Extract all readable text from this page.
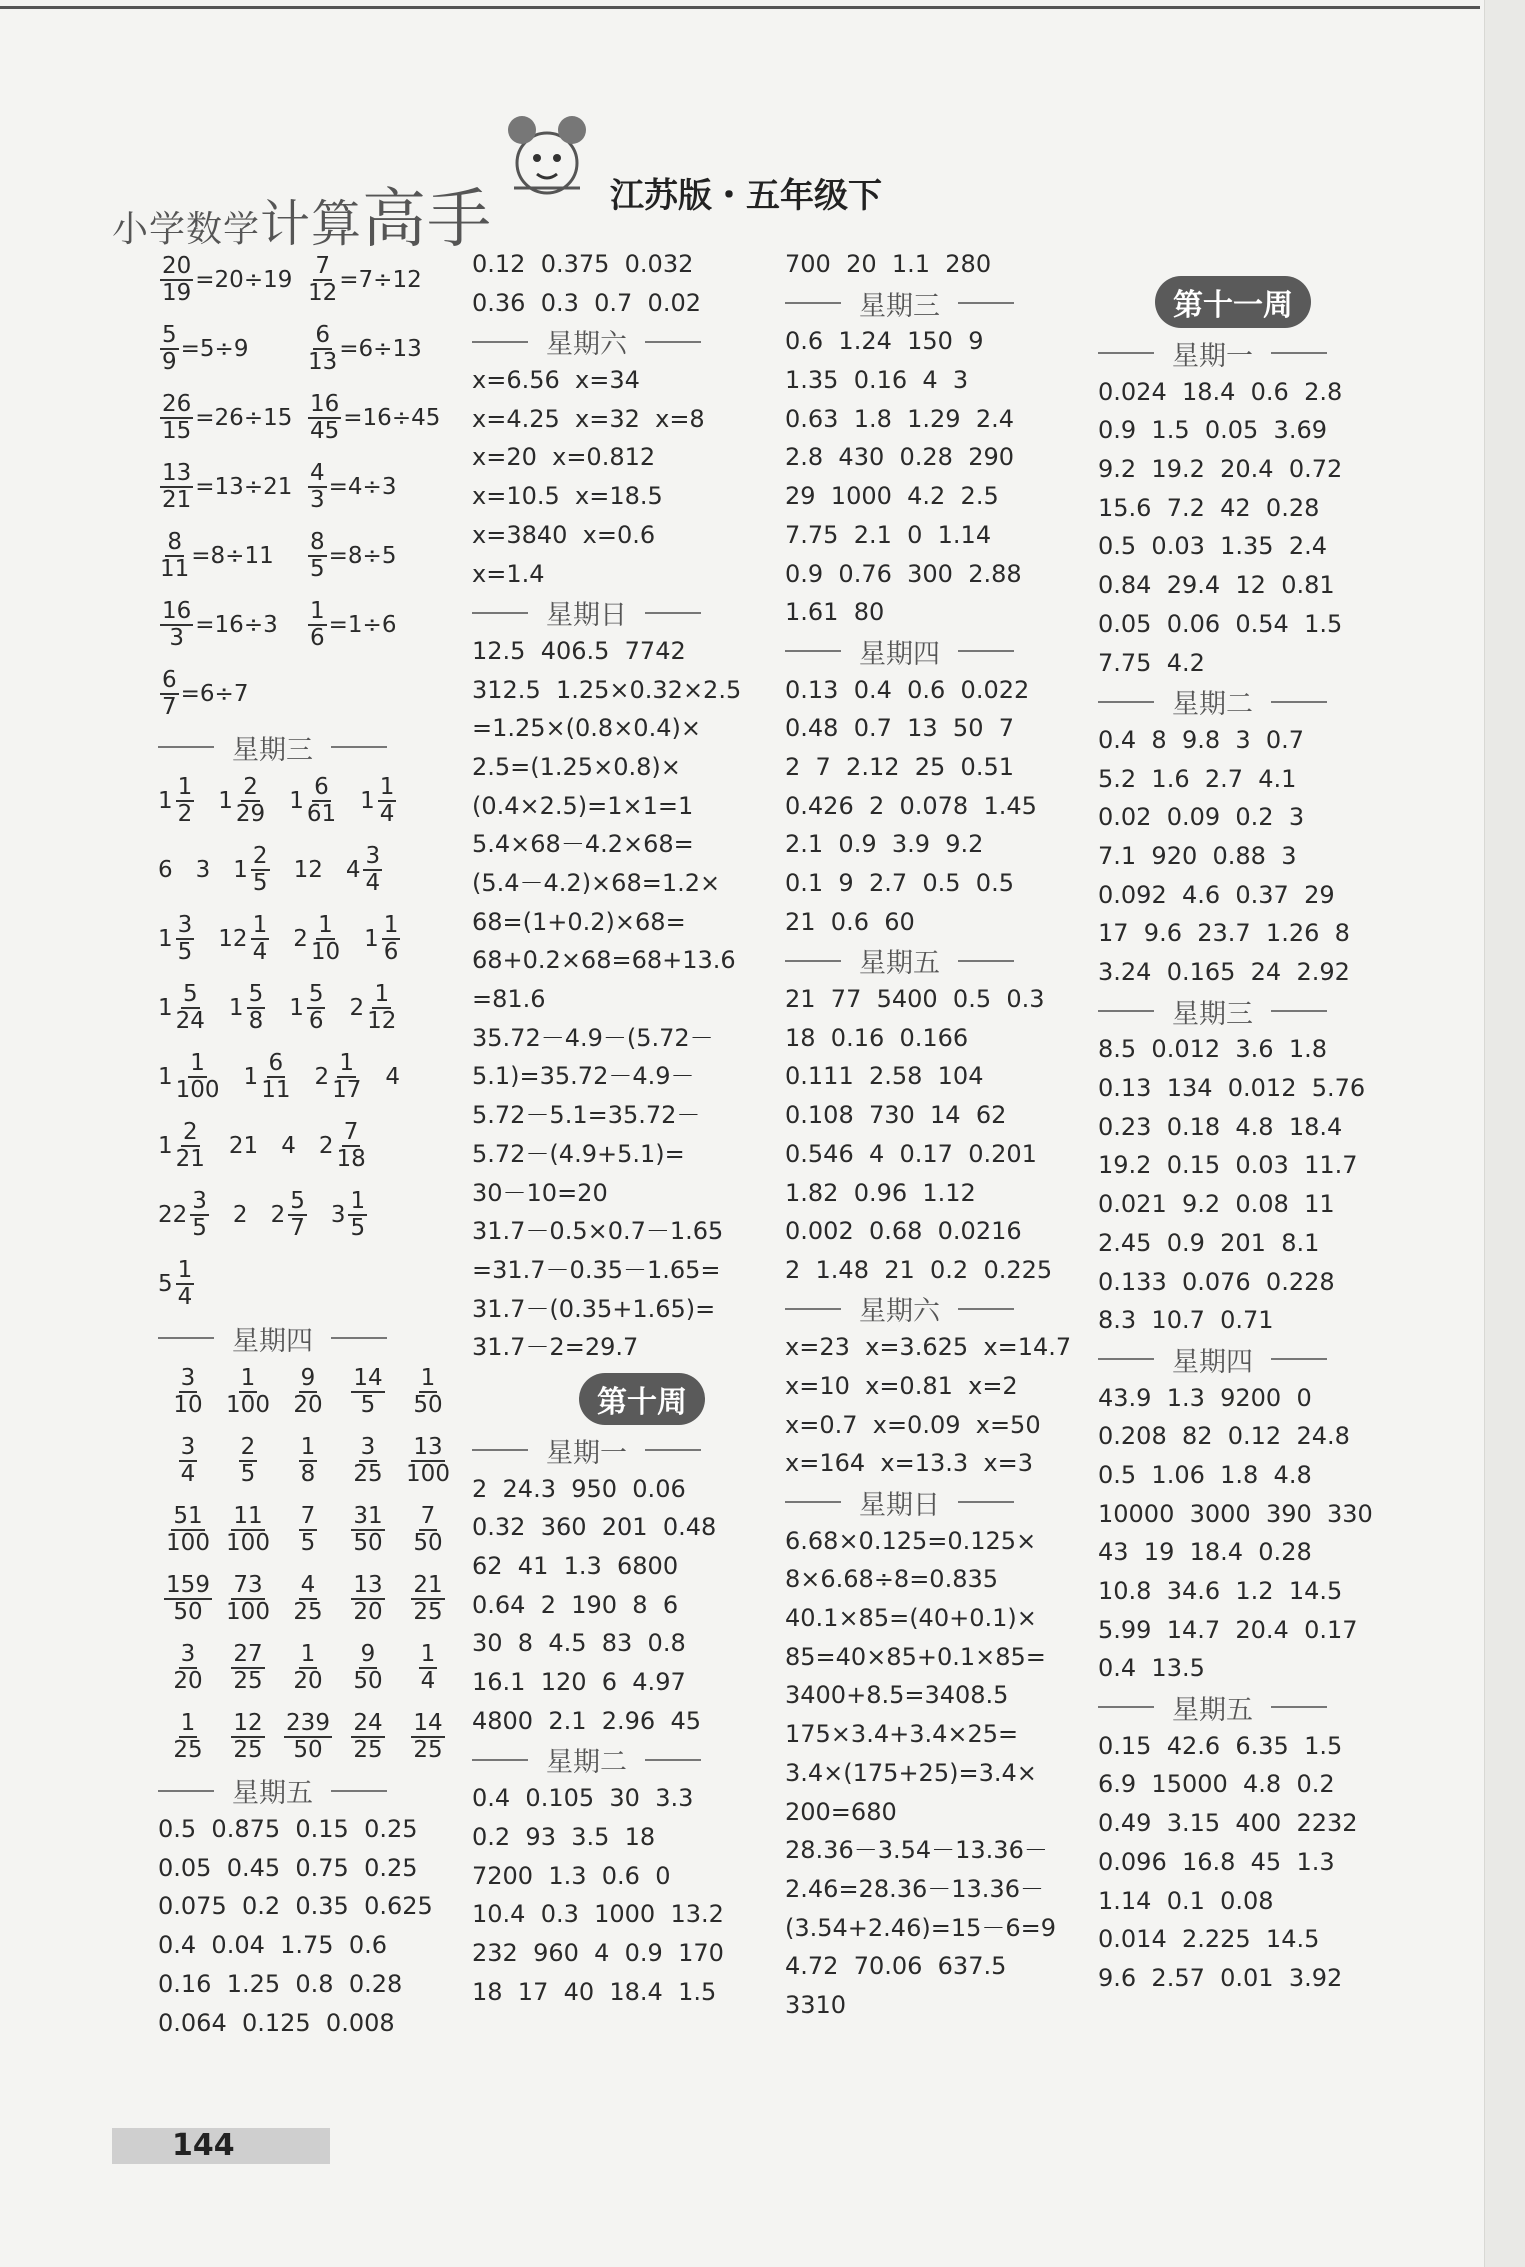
小学数学计算高手	江苏版・五年级下
$\frac{20}{19} =20\div 19 \frac{7}{12} =7\div 12$
$\frac{5}{9} =5\div 9$	$\frac{6}{13} =6\div 13$
$\frac{26}{15} =26\div 15 \frac{16}{45} =16\div 45$
$\frac{13}{21} =13\div 21 \frac{4}{3} =4\div 3$
$\frac{8}{11} =8\div 11 \frac{8}{5} =8\div 5$
$\frac{16}{3} =16\div 3 \frac{1}{6} =1\div 6$
$\frac{6}{7} =6\div 7$
星期三
$1 \frac{1}{2} 1 \frac{2}{29} 1 \frac{6}{61} 1 \frac{1}{4}$
6 3 $1 \frac{2}{5} 12$ $4 \frac{3}{4}$
$1 \frac{3}{5} 12 \frac{1}{4} 2 \frac{1}{10} 1 \frac{1}{6}$
$1 \frac{5}{24} 1 \frac{5}{8} 1 \frac{5}{6} 2 \frac{1}{12}$
$1 \frac{1}{100} 1 \frac{6}{11} 2 \frac{1}{17} 4$
$1 \frac{2}{21} 21$ 4 $2 \frac{7}{18}$
$22 \frac{3}{5} 2$ $2 \frac{5}{7} 3 \frac{1}{5}$
$5 \frac{1}{4}$
星期四
$\frac{3}{10} \frac{1}{100} \frac{9}{20} \frac{14}{5} \frac{1}{50}$
$\frac{3}{4} \frac{2}{5} \frac{1}{8} \frac{3}{25} \frac{13}{100}$
$\frac{51}{100} \frac{11}{100} \frac{7}{5} \frac{31}{50} \frac{7}{50}$
$\frac{159}{50} \frac{73}{100} \frac{4}{25} \frac{13}{20} \frac{21}{25}$
$\frac{3}{20} \frac{27}{25} \frac{1}{20} \frac{9}{50} \frac{1}{4}$
$\frac{1}{25} \frac{12}{25} \frac{239}{50} \frac{24}{25} \frac{14}{25}$
星期五
0.5  0.875  0.15  0.25
0.05  0.45  0.75  0.25
0.075  0.2  0.35  0.625
0.4  0.04  1.75  0.6
0.16  1.25  0.8  0.28
0.064  0.125  0.008
0.12  0.375  0.032
0.36  0.3  0.7  0.02
星期六
x=6.56  x=34
x=4.25  x=32  x=8
x=20  x=0.812
x=10.5  x=18.5
x=3840  x=0.6
x=1.4
星期日
12.5  406.5  7742
312.5  1.25×0.32×2.5
=1.25×(0.8×0.4)×
2.5=(1.25×0.8)×
(0.4×2.5)=1×1=1
5.4×68－4.2×68=
(5.4－4.2)×68=1.2×
68=(1+0.2)×68=
68+0.2×68=68+13.6
=81.6
35.72－4.9－(5.72－
5.1)=35.72－4.9－
5.72－5.1=35.72－
5.72－(4.9+5.1)=
30－10=20
31.7－0.5×0.7－1.65
=31.7－0.35－1.65=
31.7－(0.35+1.65)=
31.7－2=29.7
第十周
星期一
2  24.3  950  0.06
0.32  360  201  0.48
62  41  1.3  6800
0.64  2  190  8  6
30  8  4.5  83  0.8
16.1  120  6  4.97
4800  2.1  2.96  45
星期二
0.4  0.105  30  3.3
0.2  93  3.5  18
7200  1.3  0.6  0
10.4  0.3  1000  13.2
232  960  4  0.9  170
18  17  40  18.4  1.5
700  20  1.1  280
星期三
0.6  1.24  150  9
1.35  0.16  4  3
0.63  1.8  1.29  2.4
2.8  430  0.28  290
29  1000  4.2  2.5
7.75  2.1  0  1.14
0.9  0.76  300  2.88
1.61  80
星期四
0.13  0.4  0.6  0.022
0.48  0.7  13  50  7
2  7  2.12  25  0.51
0.426  2  0.078  1.45
2.1  0.9  3.9  9.2
0.1  9  2.7  0.5  0.5
21  0.6  60
星期五
21  77  5400  0.5  0.3
18  0.16  0.166
0.111  2.58  104
0.108  730  14  62
0.546  4  0.17  0.201
1.82  0.96  1.12
0.002  0.68  0.0216
2  1.48  21  0.2  0.225
星期六
x=23  x=3.625  x=14.7
x=10  x=0.81  x=2
x=0.7  x=0.09  x=50
x=164  x=13.3  x=3
星期日
6.68×0.125=0.125×
8×6.68÷8=0.835
40.1×85=(40+0.1)×
85=40×85+0.1×85=
3400+8.5=3408.5
175×3.4+3.4×25=
3.4×(175+25)=3.4×
200=680
28.36－3.54－13.36－
2.46=28.36－13.36－
(3.54+2.46)=15－6=9
4.72  70.06  637.5
3310
第十一周
星期一
0.024  18.4  0.6  2.8
0.9  1.5  0.05  3.69
9.2  19.2  20.4  0.72
15.6  7.2  42  0.28
0.5  0.03  1.35  2.4
0.84  29.4  12  0.81
0.05  0.06  0.54  1.5
7.75  4.2
星期二
0.4  8  9.8  3  0.7
5.2  1.6  2.7  4.1
0.02  0.09  0.2  3
7.1  920  0.88  3
0.092  4.6  0.37  29
17  9.6  23.7  1.26  8
3.24  0.165  24  2.92
星期三
8.5  0.012  3.6  1.8
0.13  134  0.012  5.76
0.23  0.18  4.8  18.4
19.2  0.15  0.03  11.7
0.021  9.2  0.08  11
2.45  0.9  201  8.1
0.133  0.076  0.228
8.3  10.7  0.71
星期四
43.9  1.3  9200  0
0.208  82  0.12  24.8
0.5  1.06  1.8  4.8
10000  3000  390  330
43  19  18.4  0.28
10.8  34.6  1.2  14.5
5.99  14.7  20.4  0.17
0.4  13.5
星期五
0.15  42.6  6.35  1.5
6.9  15000  4.8  0.2
0.49  3.15  400  2232
0.096  16.8  45  1.3
1.14  0.1  0.08
0.014  2.225  14.5
9.6  2.57  0.01  3.92
144
